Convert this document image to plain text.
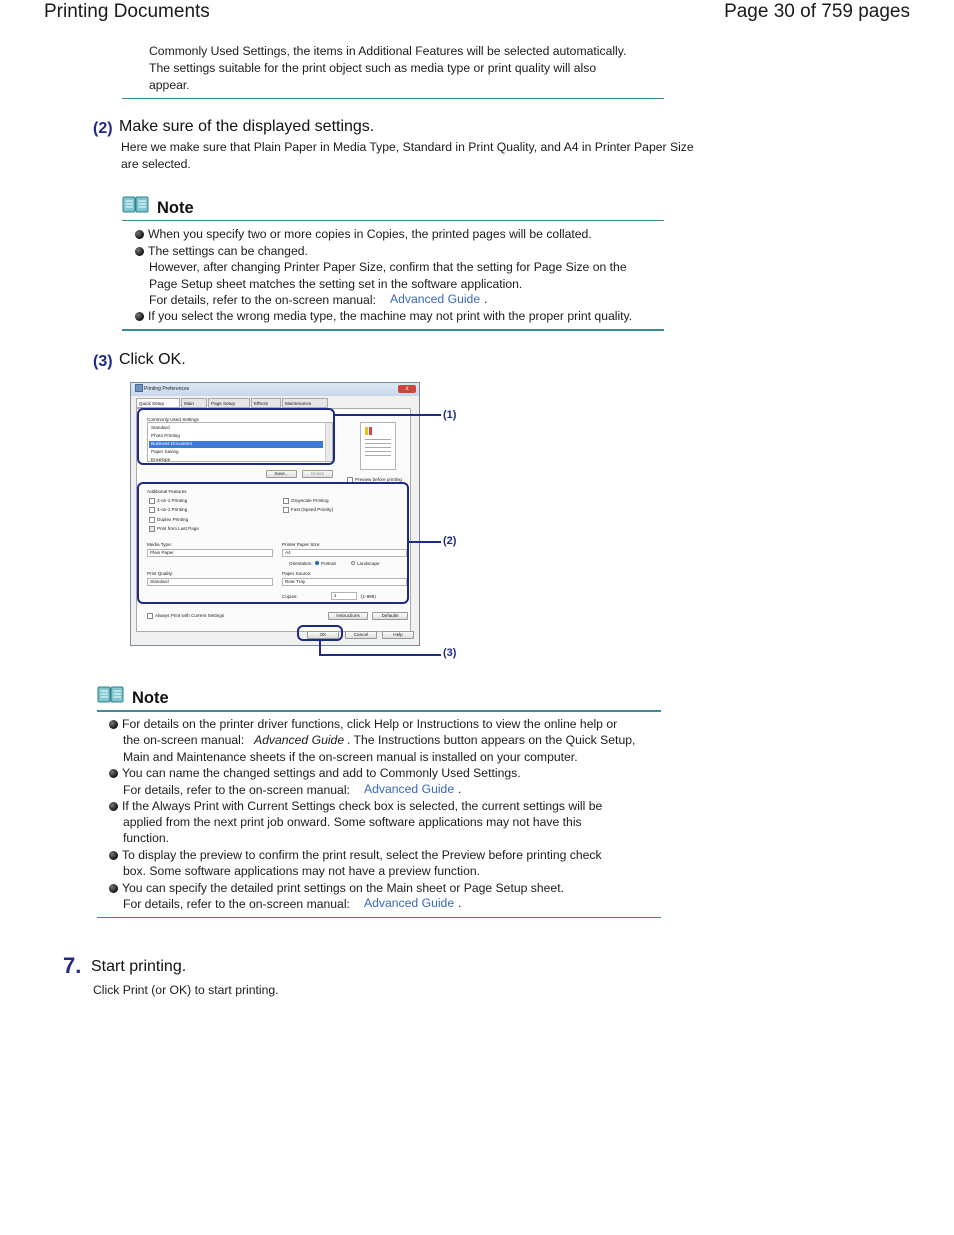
Printing Documents	Page 30 of 759 pages
Commonly Used Settings, the items in Additional Features will be selected automatically.
The settings suitable for the print object such as media type or print quality will also
appear.
(2) Make sure of the displayed settings.
Here we make sure that Plain Paper in Media Type, Standard in Print Quality, and A4 in Printer Paper Size
are selected.
Note
When you specify two or more copies in Copies, the printed pages will be collated.
The settings can be changed.
However, after changing Printer Paper Size, confirm that the setting for Page Size on the
Page Setup sheet matches the setting set in the software application.
For details, refer to the on-screen manual: Advanced Guide .
If you select the wrong media type, the machine may not print with the proper print quality.
(3) Click OK.
Printing Preferences	x
Quick Setup	Main	Page Setup	Effects	Maintenance
Commonly Used Settings
Standard
Photo Printing
Business Document
Paper Saving
Envelope
Save...	Delete
Preview before printing
Additional Features
2-on-1 Printing
4-on-1 Printing
Duplex Printing
Print from Last Page
Grayscale Printing
Fast (Speed Priority)
Media Type:
Plain Paper
Printer Paper Size:
A4
Orientation: Portrait	Landscape
Print Quality:
Standard
Paper Source:
Rear Tray
Copies:	1	(1-999)
Always Print with Current Settings	Instructions	Defaults
OK	Cancel	Help
(1)
(2)
(3)
Note
For details on the printer driver functions, click Help or Instructions to view the online help or
the on-screen manual: Advanced Guide . The Instructions button appears on the Quick Setup,
Main and Maintenance sheets if the on-screen manual is installed on your computer.
You can name the changed settings and add to Commonly Used Settings.
For details, refer to the on-screen manual: Advanced Guide .
If the Always Print with Current Settings check box is selected, the current settings will be
applied from the next print job onward. Some software applications may not have this
function.
To display the preview to confirm the print result, select the Preview before printing check
box. Some software applications may not have a preview function.
You can specify the detailed print settings on the Main sheet or Page Setup sheet.
For details, refer to the on-screen manual: Advanced Guide .
7. Start printing.
Click Print (or OK) to start printing.
